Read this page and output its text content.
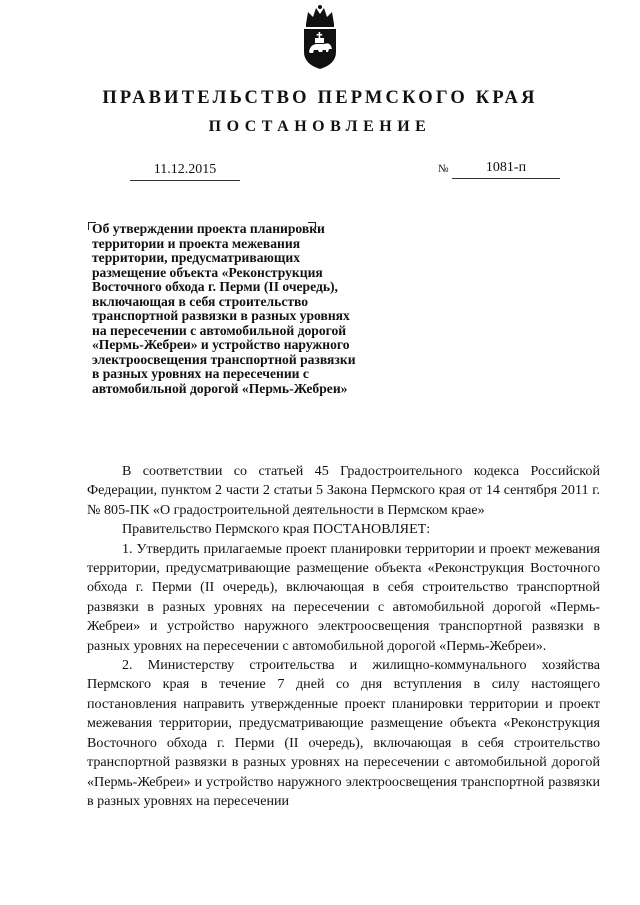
ПРАВИТЕЛЬСТВО ПЕРМСКОГО КРАЯ
ПОСТАНОВЛЕНИЕ
11.12.2015	№	1081-п

Об утверждении проекта планировки территории и проекта межевания территории, предусматривающих размещение объекта «Реконструкция Восточного обхода г. Перми (II очередь), включающая в себя строительство транспортной развязки в разных уровнях на пересечении с автомобильной дорогой «Пермь-Жебреи» и устройство наружного электроосвещения транспортной развязки в разных уровнях на пересечении с автомобильной дорогой «Пермь-Жебреи»

В соответствии со статьей 45 Градостроительного кодекса Российской Федерации, пунктом 2 части 2 статьи 5 Закона Пермского края от 14 сентября 2011 г. № 805-ПК «О градостроительной деятельности в Пермском крае»

Правительство Пермского края ПОСТАНОВЛЯЕТ:

1. Утвердить прилагаемые проект планировки территории и проект межевания территории, предусматривающие размещение объекта «Реконструкция Восточного обхода г. Перми (II очередь), включающая в себя строительство транспортной развязки в разных уровнях на пересечении с автомобильной дорогой «Пермь-Жебреи» и устройство наружного электроосвещения транспортной развязки в разных уровнях на пересечении с автомобильной дорогой «Пермь-Жебреи».

2. Министерству строительства и жилищно-коммунального хозяйства Пермского края в течение 7 дней со дня вступления в силу настоящего постановления направить утвержденные проект планировки территории и проект межевания территории, предусматривающие размещение объекта «Реконструкция Восточного обхода г. Перми (II очередь), включающая в себя строительство транспортной развязки в разных уровнях на пересечении с автомобильной дорогой «Пермь-Жебреи» и устройство наружного электроосвещения транспортной развязки в разных уровнях на пересечении
